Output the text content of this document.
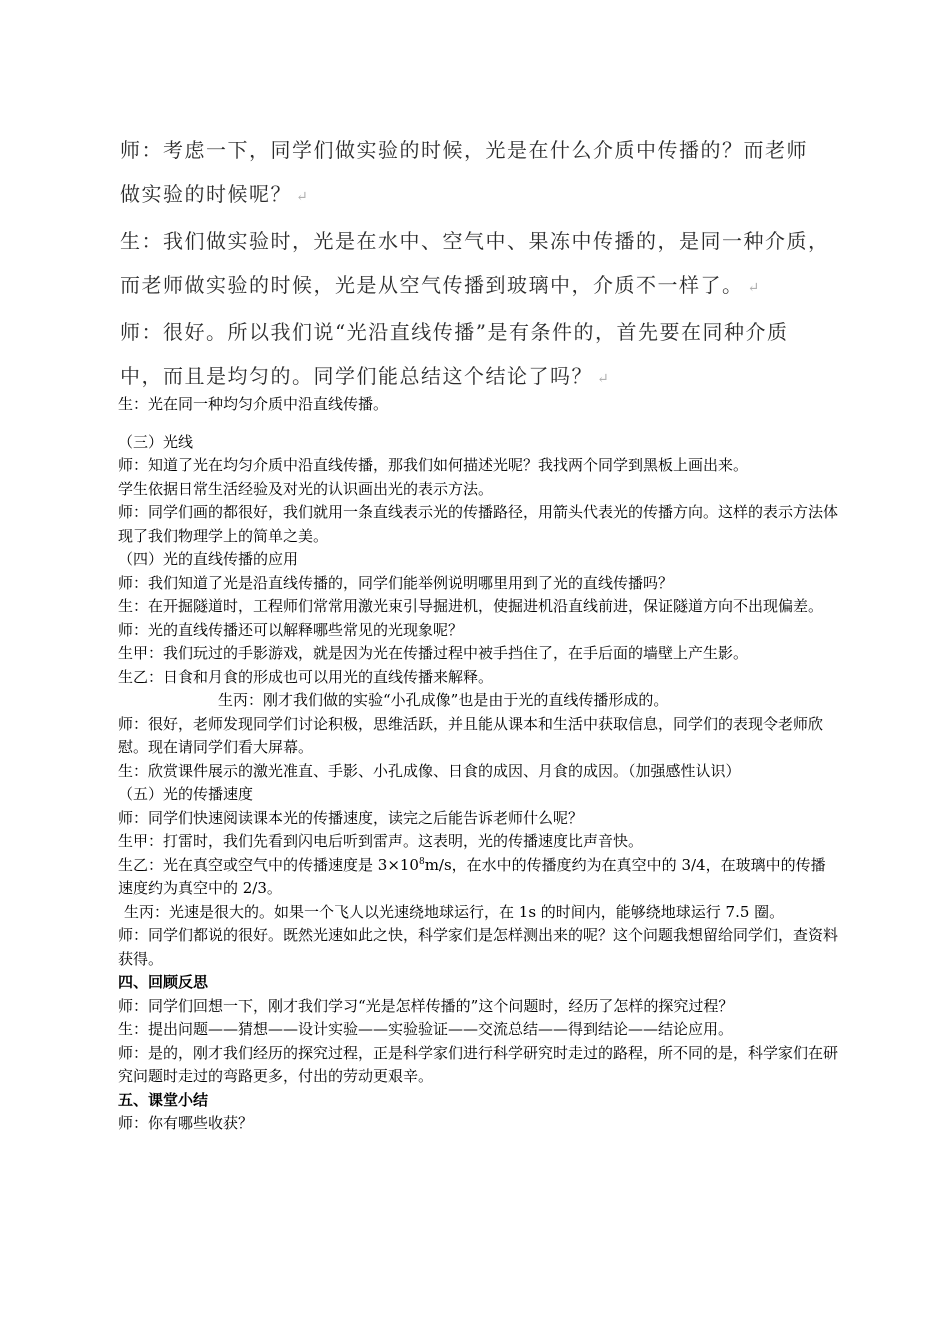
师：考虑一下，同学们做实验的时候，光是在什么介质中传播的？而老师

做实验的时候呢？ ↵

生：我们做实验时，光是在水中、空气中、果冻中传播的，是同一种介质，

而老师做实验的时候，光是从空气传播到玻璃中，介质不一样了。 ↵

师：很好。所以我们说“光沿直线传播”是有条件的，首先要在同种介质

中，而且是均匀的。同学们能总结这个结论了吗？ ↵

生：光在同一种均匀介质中沿直线传播。

（三）光线

师：知道了光在均匀介质中沿直线传播，那我们如何描述光呢？我找两个同学到黑板上画出来。

学生依据日常生活经验及对光的认识画出光的表示方法。

师：同学们画的都很好，我们就用一条直线表示光的传播路径，用箭头代表光的传播方向。这样的表示方法体现了我们物理学上的简单之美。

（四）光的直线传播的应用

师：我们知道了光是沿直线传播的，同学们能举例说明哪里用到了光的直线传播吗？

生：在开掘隧道时，工程师们常常用激光束引导掘进机，使掘进机沿直线前进，保证隧道方向不出现偏差。

师：光的直线传播还可以解释哪些常见的光现象呢？

生甲：我们玩过的手影游戏，就是因为光在传播过程中被手挡住了，在手后面的墙壁上产生影。

生乙：日食和月食的形成也可以用光的直线传播来解释。

生丙：刚才我们做的实验“小孔成像”也是由于光的直线传播形成的。

师：很好，老师发现同学们讨论积极，思维活跃，并且能从课本和生活中获取信息，同学们的表现令老师欣慰。现在请同学们看大屏幕。

生：欣赏课件展示的激光准直、手影、小孔成像、日食的成因、月食的成因。（加强感性认识）

（五）光的传播速度

师：同学们快速阅读课本光的传播速度，读完之后能告诉老师什么呢？

生甲：打雷时，我们先看到闪电后听到雷声。这表明，光的传播速度比声音快。

生乙：光在真空或空气中的传播速度是 $3\times 10^8m/s$，在水中的传播度约为在真空中的 3/4，在玻璃中的传播速度约为真空中的 2/3。

生丙：光速是很大的。如果一个飞人以光速绕地球运行，在 1s 的时间内，能够绕地球运行 7.5 圈。

师：同学们都说的很好。既然光速如此之快，科学家们是怎样测出来的呢？这个问题我想留给同学们，查资料获得。

四、回顾反思

师：同学们回想一下，刚才我们学习“光是怎样传播的”这个问题时，经历了怎样的探究过程？

生：提出问题——猜想——设计实验——实验验证——交流总结——得到结论——结论应用。

师：是的，刚才我们经历的探究过程，正是科学家们进行科学研究时走过的路程，所不同的是，科学家们在研究问题时走过的弯路更多，付出的劳动更艰辛。

五、课堂小结

师：你有哪些收获？
